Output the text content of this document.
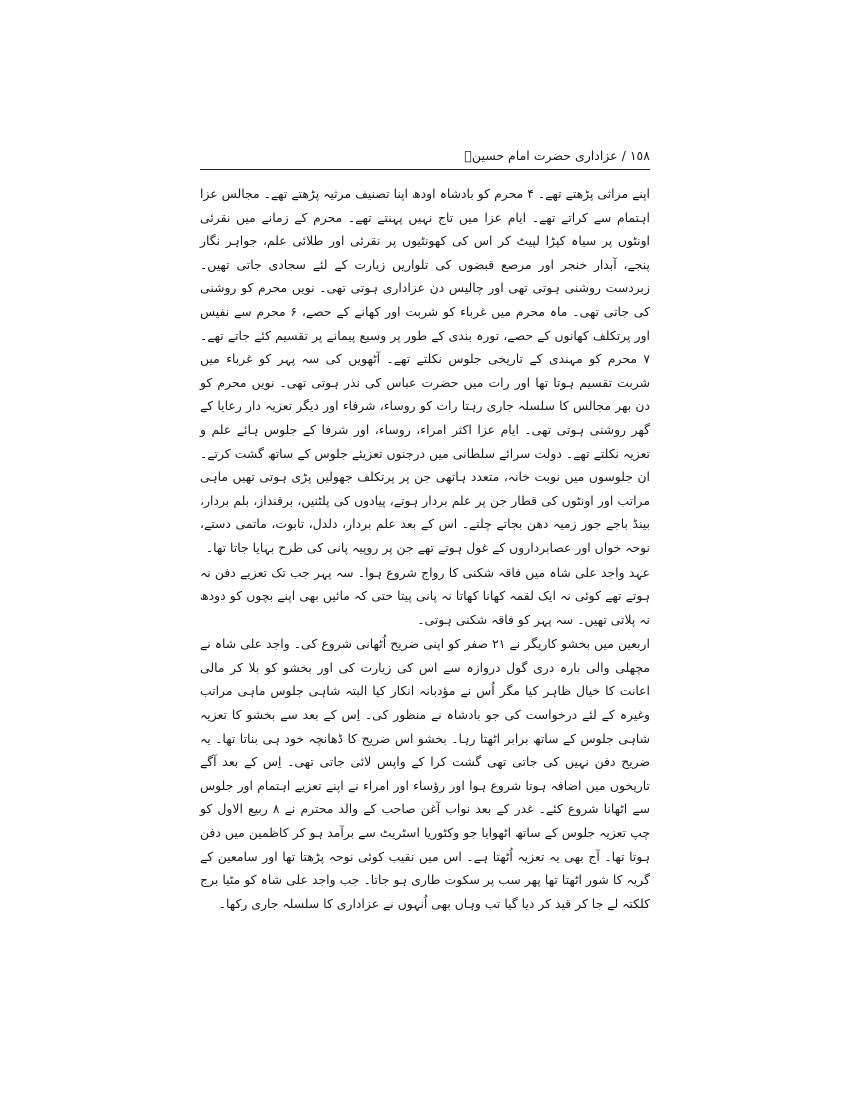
١٥٨ / عزاداری حضرت امام حسینؑ

اپنے مراثی پڑھتے تھے۔ ۴ محرم کو بادشاہ اودھ اپنا تصنیف مرثیہ پڑھتے تھے۔ مجالس عزا اہتمام سے کراتے تھے۔ ایام عزا میں تاج نہیں پہنتے تھے۔ محرم کے زمانے میں نقرئی اونٹوں پر سیاہ کپڑا لپیٹ کر اس کی کھونٹیوں پر نقرئی اور طلائی علم، جواہر نگار پنجے، آبدار خنجر اور مرصع قبضوں کی تلواریں زیارت کے لئے سجادی جاتی تھیں۔ زبردست روشنی ہوتی تھی اور چالیس دن عزاداری ہوتی تھی۔ نویں محرم کو روشنی کی جاتی تھی۔ ماہ محرم میں غرباء کو شربت اور کھانے کے حصے، ۶ محرم سے نفیس اور پرتکلف کھانوں کے حصے، تورہ بندی کے طور پر وسیع پیمانے پر تقسیم کئے جاتے تھے۔ ۷ محرم کو مہندی کے تاریخی جلوس نکلتے تھے۔ آٹھویں کی سہ پہر کو غرباء میں شربت تقسیم ہوتا تھا اور رات میں حضرت عباس کی نذر ہوتی تھی۔ نویں محرم کو دن بھر مجالس کا سلسلہ جاری رہتا رات کو روساء، شرفاء اور دیگر تعزیہ دار رعایا کے گھر روشنی ہوتی تھی۔ ایام عزا اکثر امراء، روساء، اور شرفا کے جلوس ہائے علم و تعزیہ نکلتے تھے۔ دولت سرائے سلطانی میں درجنوں تعزیئے جلوس کے ساتھ گشت کرتے۔ ان جلوسوں میں نوبت خانہ، متعدد ہاتھی جن پر پرتکلف جھولیں پڑی ہوتی تھیں ماہی مراتب اور اونٹوں کی قطار جن پر علم بردار ہوتے، پیادوں کی پلٹنیں، برقنداز، بلم بردار، بینڈ باجے جور زمیہ دھن بجاتے چلتے۔ اس کے بعد علم بردار، دلدل، تابوت، ماتمی دستے، نوحہ خواں اور عصابرداروں کے غول ہوتے تھے جن پر روپیہ پانی کی طرح بہایا جاتا تھا۔

عہد واجد علی شاہ میں فاقہ شکنی کا رواج شروع ہوا۔ سہ پہر جب تک تعزیے دفن نہ ہوتے تھے کوئی نہ ایک لقمہ کھانا کھاتا نہ پانی پیتا حتی کہ مائیں بھی اپنے بچوں کو دودھ نہ پلاتی تھیں۔ سہ پہر کو فاقہ شکنی ہوتی۔

اربعین میں بخشو کاریگر نے ۲۱ صفر کو اپنی ضریح اُٹھانی شروع کی۔ واجد علی شاہ نے مچھلی والی بارہ دری گول دروازہ سے اس کی زیارت کی اور بخشو کو بلا کر مالی اعانت کا خیال ظاہر کیا مگر اُس نے مؤدبانہ انکار کیا البتہ شاہی جلوس ماہی مراتب وغیرہ کے لئے درخواست کی جو بادشاہ نے منظور کی۔ اِس کے بعد سے بخشو کا تعزیہ شاہی جلوس کے ساتھ برابر اٹھتا رہا۔ بخشو اس ضریح کا ڈھانچہ خود ہی بناتا تھا۔ یہ ضریح دفن نہیں کی جاتی تھی گشت کرا کے واپس لائی جاتی تھی۔ اِس کے بعد آگے تاریخوں میں اضافہ ہوتا شروع ہوا اور رؤساء اور امراء نے اپنے تعزیے اہتمام اور جلوس سے اٹھانا شروع کئے۔ غدر کے بعد نواب آغن صاحب کے والد محترم نے ۸ ربیع الاول کو چپ تعزیہ جلوس کے ساتھ اٹھوایا جو وکٹوریا اسٹریٹ سے برآمد ہو کر کاظمین میں دفن ہوتا تھا۔ آج بھی یہ تعزیہ اُٹھتا ہے۔ اس میں نقیب کوئی نوحہ پڑھتا تھا اور سامعین کے گریہ کا شور اٹھتا تھا پھر سب پر سکوت طاری ہو جاتا۔ جب واجد علی شاہ کو مٹیا برج کلکتہ لے جا کر قید کر دیا گیا تب وہاں بھی اُنہوں نے عزاداری کا سلسلہ جاری رکھا۔
